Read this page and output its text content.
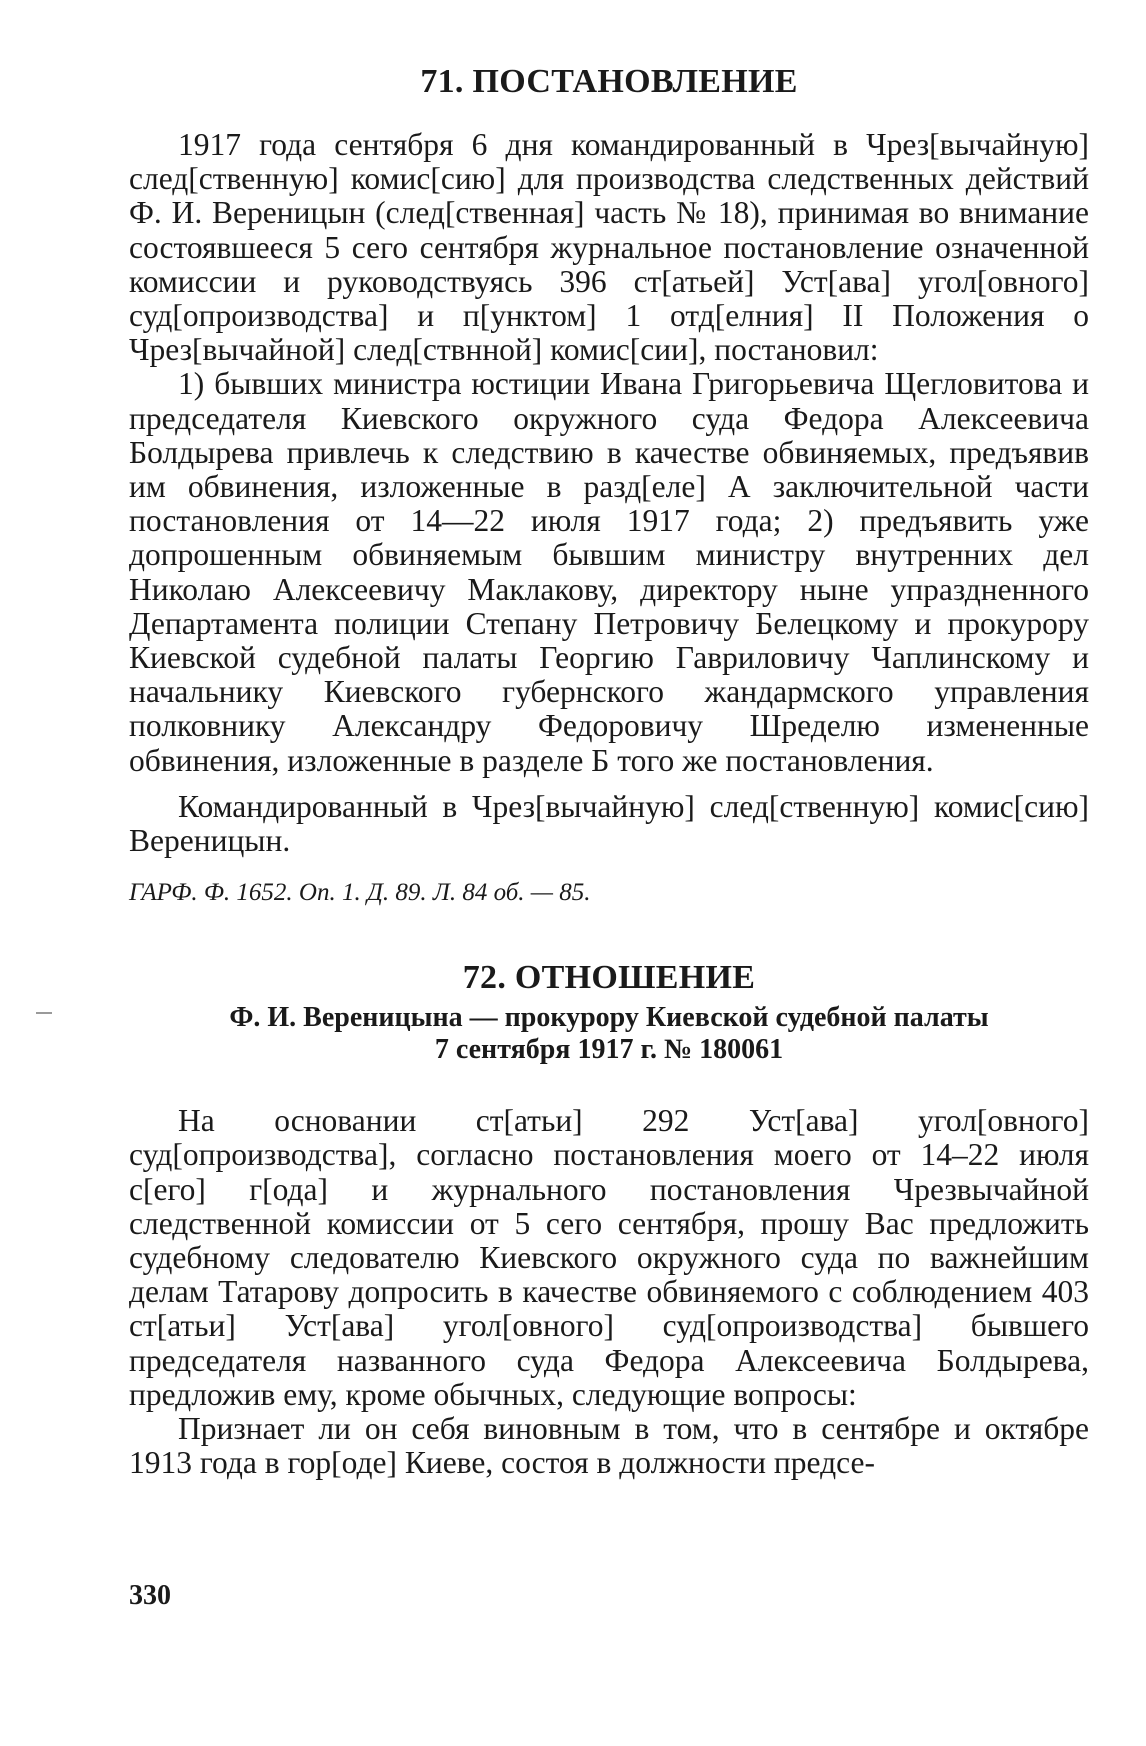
71. ПОСТАНОВЛЕНИЕ

1917 года сентября 6 дня командированный в Чрез[вычайную] след[ственную] комис[сию] для производства следственных действий Ф. И. Вереницын (след[ственная] часть № 18), принимая во внимание состоявшееся 5 сего сентября журнальное постановление означенной комиссии и руководствуясь 396 ст[атьей] Уст[ава] угол[овного] суд[опроизводства] и п[унктом] 1 отд[елния] II Положения о Чрез[вычайной] след[ствнной] комис[сии], постановил:

1) бывших министра юстиции Ивана Григорьевича Щегловитова и председателя Киевского окружного суда Федора Алексеевича Болдырева привлечь к следствию в качестве обвиняемых, предъявив им обвинения, изложенные в разд[еле] А заключительной части постановления от 14—22 июля 1917 года; 2) предъявить уже допрошенным обвиняемым бывшим министру внутренних дел Николаю Алексеевичу Маклакову, директору ныне упраздненного Департамента полиции Степану Петровичу Белецкому и прокурору Киевской судебной палаты Георгию Гавриловичу Чаплинскому и начальнику Киевского губернского жандармского управления полковнику Александру Федоровичу Шределю измененные обвинения, изложенные в разделе Б того же постановления.

Командированный в Чрез[вычайную] след[ственную] комис[сию] Вереницын.

ГАРФ. Ф. 1652. Оп. 1. Д. 89. Л. 84 об. — 85.

72. ОТНОШЕНИЕ

Ф. И. Вереницына — прокурору Киевской судебной палаты

7 сентября 1917 г. № 180061

На основании ст[атьи] 292 Уст[ава] угол[овного] суд[опроизводства], согласно постановления моего от 14–22 июля с[его] г[ода] и журнального постановления Чрезвычайной следственной комиссии от 5 сего сентября, прошу Вас предложить судебному следователю Киевского окружного суда по важнейшим делам Татарову допросить в качестве обвиняемого с соблюдением 403 ст[атьи] Уст[ава] угол[овного] суд[опроизводства] бывшего председателя названного суда Федора Алексеевича Болдырева, предложив ему, кроме обычных, следующие вопросы:

Признает ли он себя виновным в том, что в сентябре и октябре 1913 года в гор[оде] Киеве, состоя в должности предсе-

330
